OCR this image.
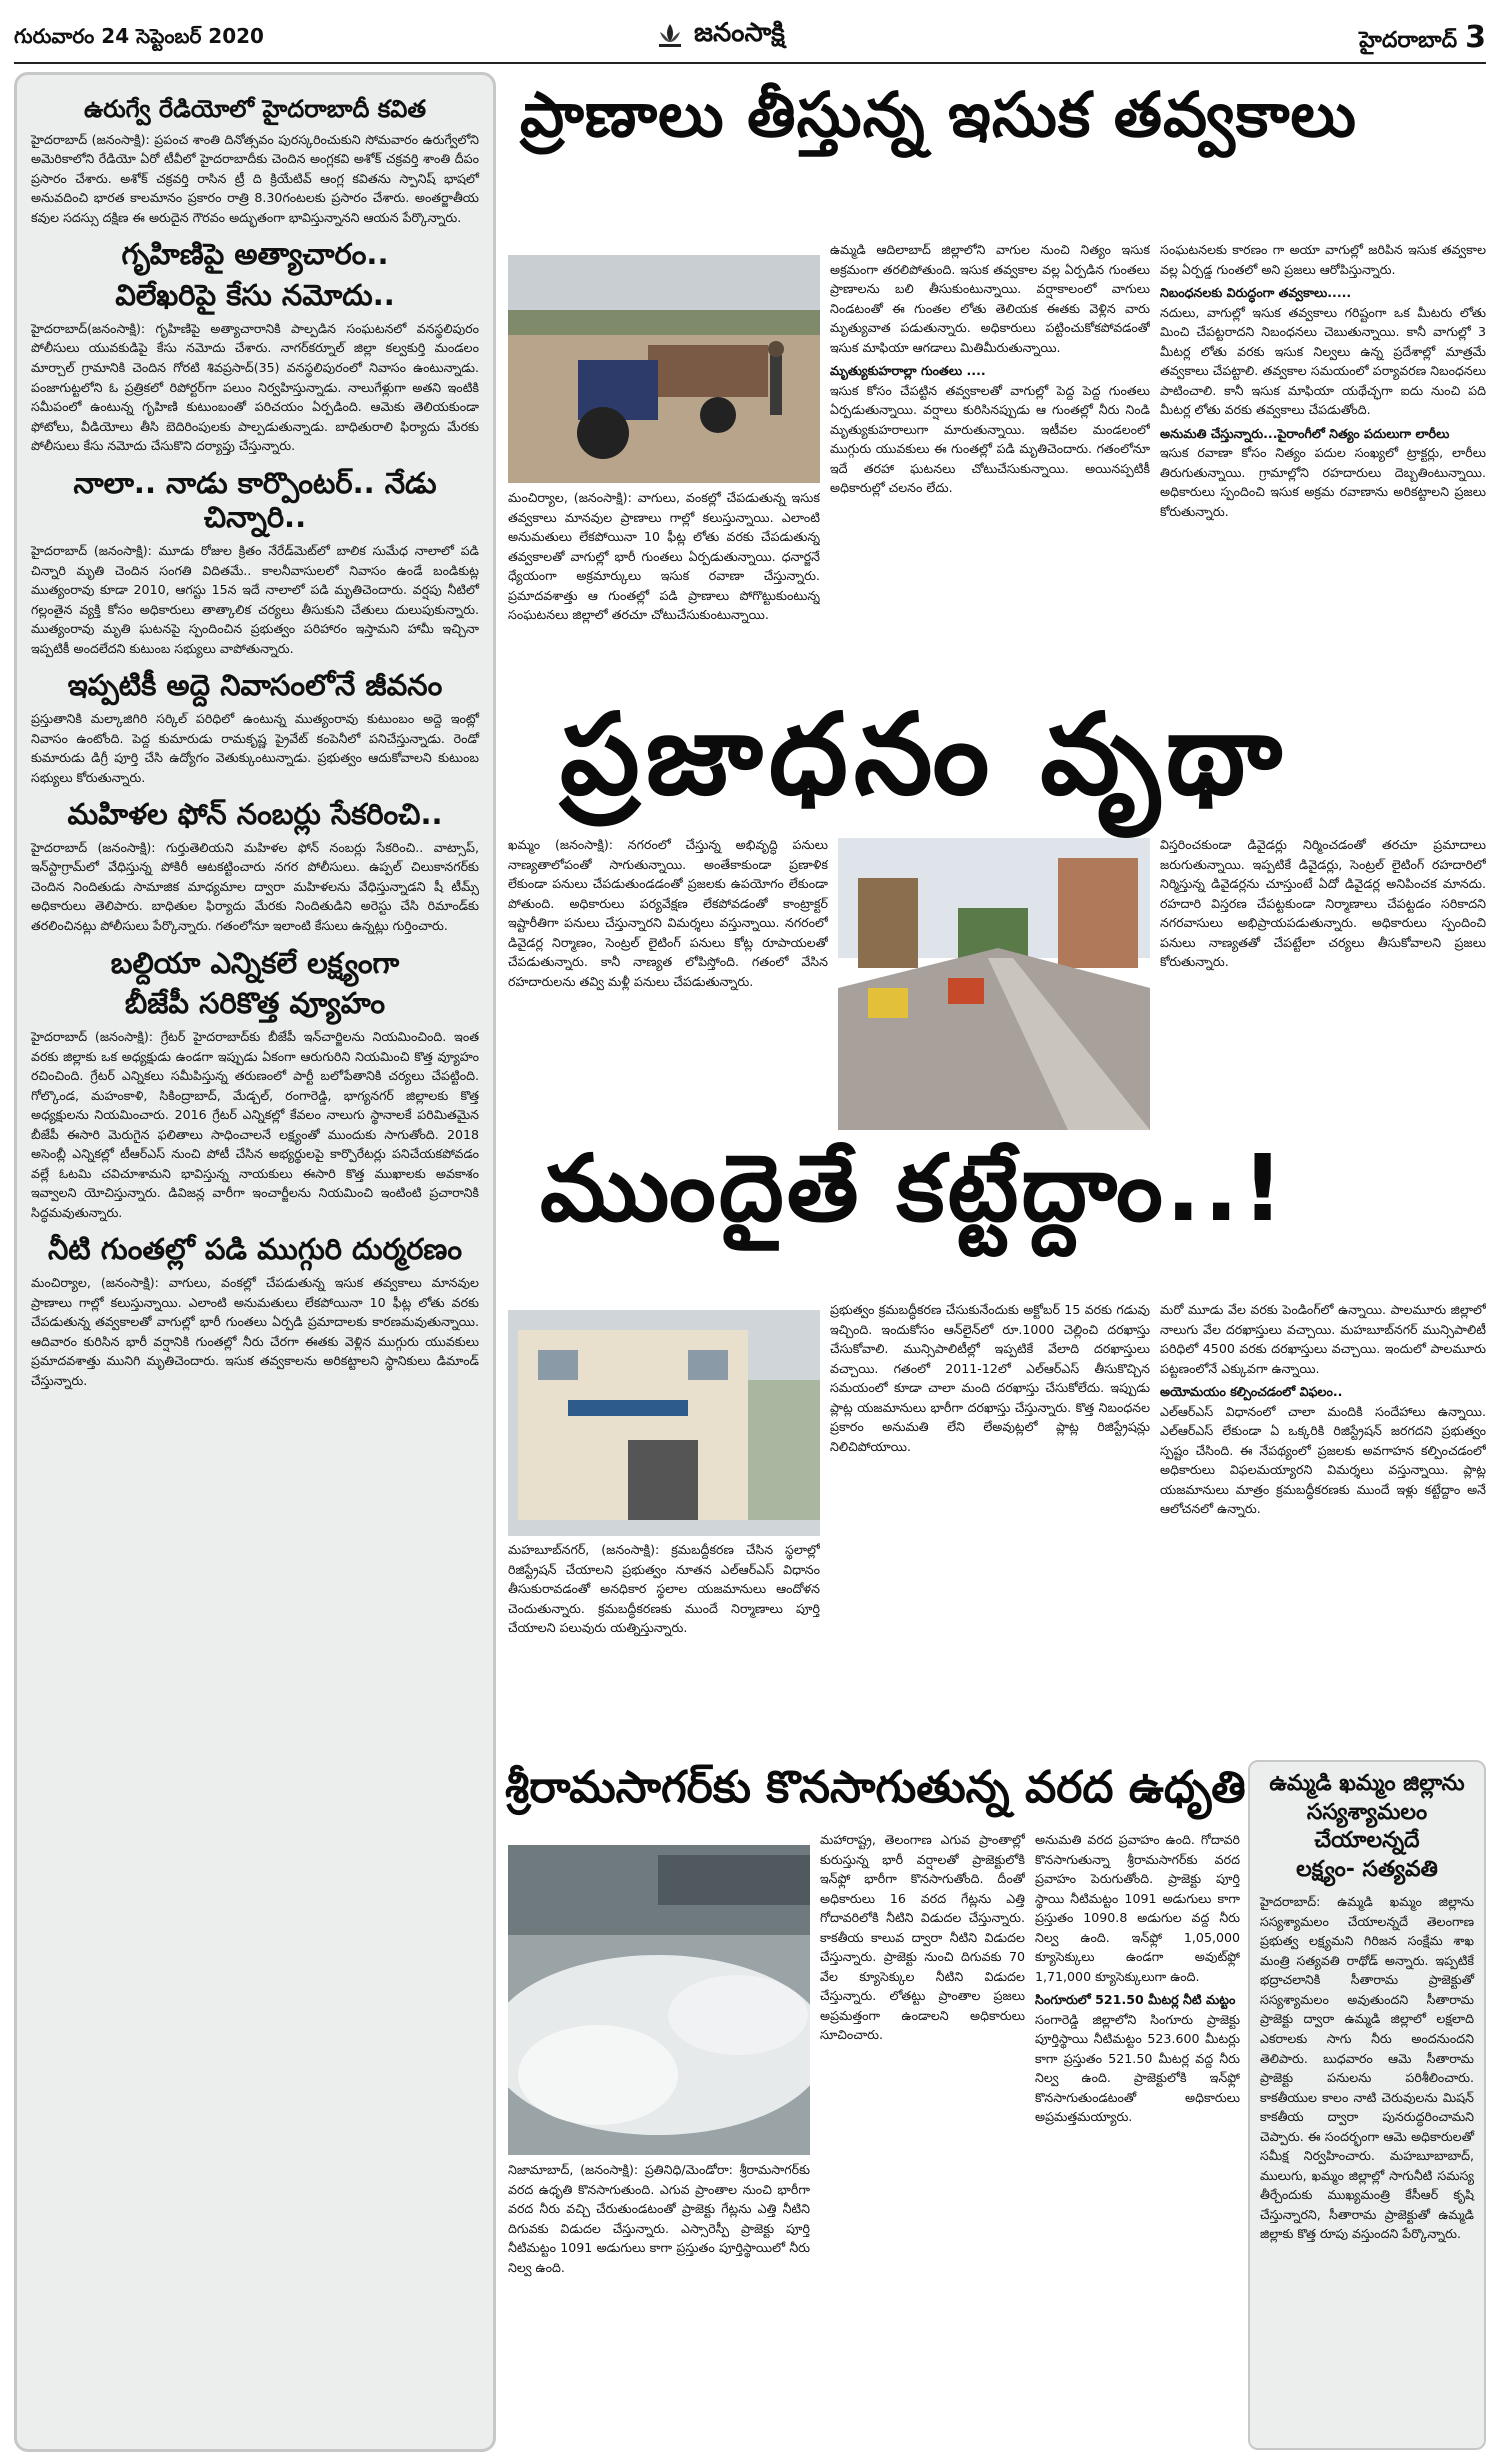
గురువారం 24 సెప్టెంబర్ 2020	జనంసాక్షి	హైదరాబాద్ 3
ఉరుగ్వే రేడియోలో హైదరాబాదీ కవిత
హైదరాబాద్ (జనంసాక్షి): ప్రపంచ శాంతి దినోత్సవం పురస్కరించుకుని సోమవారం ఉరుగ్వేలోని అమెరికాలోని రేడియో ఏరో టీవీలో హైదరాబాదీకు చెందిన అంగ్లకవి అశోక్ చక్రవర్తి శాంతి దీపం ప్రసారం చేశారు. అశోక్ చక్రవర్తి రాసిన ట్రీ ది క్రియేటివ్ ఆంగ్ల కవితను స్పానిష్ భాషలో అనువదించి భారత కాలమానం ప్రకారం రాత్రి 8.30గంటలకు ప్రసారం చేశారు. అంతర్జాతీయ కవుల సదస్సు దక్షిణ ఈ అరుదైన గౌరవం అద్భుతంగా భావిస్తున్నానని ఆయన పేర్కొన్నారు.
గృహిణిపై అత్యాచారం..
విలేఖరిపై కేసు నమోదు..
హైదరాబాద్(జనంసాక్షి): గృహిణిపై అత్యాచారానికి పాల్పడిన సంఘటనలో వనస్థలిపురం పోలీసులు యువకుడిపై కేసు నమోదు చేశారు. నాగర్‌కర్నూల్ జిల్లా కల్వకుర్తి మండలం మార్చాల్ గ్రామానికి చెందిన గోరటి శివప్రసాద్(35) వనస్థలిపురంలో నివాసం ఉంటున్నాడు. పంజాగుట్టలోని ఓ ప్రత్రికలో రిపోర్టర్‌గా పలుం నిర్వహిస్తున్నాడు. నాలుగేళ్లుగా అతని ఇంటికి సమీపంలో ఉంటున్న గృహిణి కుటుంబంతో పరిచయం ఏర్పడింది. ఆమెకు తెలియకుండా ఫోటోలు, వీడియోలు తీసి బెదిరింపులకు పాల్పడుతున్నాడు. బాధితురాలి ఫిర్యాదు మేరకు పోలీసులు కేసు నమోదు చేసుకొని దర్యాప్తు చేస్తున్నారు.
నాలా.. నాడు కార్పొంటర్.. నేడు చిన్నారి..
హైదరాబాద్ (జనంసాక్షి): మూడు రోజుల క్రితం నేరేడ్‌మెట్‌లో బాలిక సుమేధ నాలాలో పడి చిన్నారి మృతి చెందిన సంగతి విదితమే.. కాలనీవాసులలో నివాసం ఉండే బండికుట్ల ముత్యంరావు కూడా 2010, ఆగస్టు 15న ఇదే నాలాలో పడి మృతిచెందారు. వర్షపు నీటిలో గల్లంతైన వ్యక్తి కోసం అధికారులు తాత్కాలిక చర్యలు తీసుకుని చేతులు దులుపుకున్నారు. ముత్యంరావు మృతి ఘటనపై స్పందించిన ప్రభుత్వం పరిహారం ఇస్తామని హామీ ఇచ్చినా ఇప్పటికీ అందలేదని కుటుంబ సభ్యులు వాపోతున్నారు.
ఇప్పటికీ అద్దె నివాసంలోనే జీవనం
ప్రస్తుతానికి మల్కాజిగిరి సర్కిల్ పరిధిలో ఉంటున్న ముత్యంరావు కుటుంబం అద్దె ఇంట్లో నివాసం ఉంటోంది. పెద్ద కుమారుడు రామకృష్ణ ప్రైవేట్ కంపెనీలో పనిచేస్తున్నాడు. రెండో కుమారుడు డిగ్రీ పూర్తి చేసి ఉద్యోగం వెతుక్కుంటున్నాడు. ప్రభుత్వం ఆదుకోవాలని కుటుంబ సభ్యులు కోరుతున్నారు.
మహిళల ఫోన్ నంబర్లు సేకరించి..
హైదరాబాద్ (జనంసాక్షి): గుర్తుతెలియని మహిళల ఫోన్ నంబర్లు సేకరించి.. వాట్సాప్, ఇన్‌స్టాగ్రామ్‌లో వేధిస్తున్న పోకిరీ ఆటకట్టించారు నగర పోలీసులు. ఉప్పల్ చిలుకానగర్‌కు చెందిన నిందితుడు సామాజిక మాధ్యమాల ద్వారా మహిళలను వేధిస్తున్నాడని షీ టీమ్స్ అధికారులు తెలిపారు. బాధితుల ఫిర్యాదు మేరకు నిందితుడిని అరెస్టు చేసి రిమాండ్‌కు తరలించినట్లు పోలీసులు పేర్కొన్నారు. గతంలోనూ ఇలాంటి కేసులు ఉన్నట్లు గుర్తించారు.
బల్దియా ఎన్నికలే లక్ష్యంగా
బీజేపీ సరికొత్త వ్యూహం
హైదరాబాద్ (జనంసాక్షి): గ్రేటర్ హైదరాబాద్‌కు బీజేపీ ఇన్‌చార్జిలను నియమించింది. ఇంత వరకు జిల్లాకు ఒక అధ్యక్షుడు ఉండగా ఇప్పుడు ఏకంగా ఆరుగురిని నియమించి కొత్త వ్యూహం రచించింది. గ్రేటర్ ఎన్నికలు సమీపిస్తున్న తరుణంలో పార్టీ బలోపేతానికి చర్యలు చేపట్టింది. గోల్కొండ, మహంకాళి, సికింద్రాబాద్, మేడ్చల్, రంగారెడ్డి, భాగ్యనగర్ జిల్లాలకు కొత్త అధ్యక్షులను నియమించారు. 2016 గ్రేటర్ ఎన్నికల్లో కేవలం నాలుగు స్థానాలకే పరిమితమైన బీజేపీ ఈసారి మెరుగైన ఫలితాలు సాధించాలనే లక్ష్యంతో ముందుకు సాగుతోంది. 2018 అసెంబ్లీ ఎన్నికల్లో టీఆర్ఎస్ నుంచి పోటీ చేసిన అభ్యర్థులపై కార్పొరేటర్లు పనిచేయకపోవడం వల్లే ఓటమి చవిచూశామని భావిస్తున్న నాయకులు ఈసారి కొత్త ముఖాలకు అవకాశం ఇవ్వాలని యోచిస్తున్నారు. డివిజన్ల వారీగా ఇంచార్జీలను నియమించి ఇంటింటి ప్రచారానికి సిద్ధమవుతున్నారు.
నీటి గుంతల్లో పడి ముగ్గురి దుర్మరణం
మంచిర్యాల, (జనంసాక్షి): వాగులు, వంకల్లో చేపడుతున్న ఇసుక తవ్వకాలు మానవుల ప్రాణాలు గాల్లో కలుస్తున్నాయి. ఎలాంటి అనుమతులు లేకపోయినా 10 ఫీట్ల లోతు వరకు చేపడుతున్న తవ్వకాలతో వాగుల్లో భారీ గుంతలు ఏర్పడి ప్రమాదాలకు కారణమవుతున్నాయి. ఆదివారం కురిసిన భారీ వర్షానికి గుంతల్లో నీరు చేరగా ఈతకు వెళ్లిన ముగ్గురు యువకులు ప్రమాదవశాత్తు మునిగి మృతిచెందారు. ఇసుక తవ్వకాలను అరికట్టాలని స్థానికులు డిమాండ్ చేస్తున్నారు.
ప్రాణాలు తీస్తున్న ఇసుక తవ్వకాలు
మంచిర్యాల, (జనంసాక్షి): వాగులు, వంకల్లో చేపడుతున్న ఇసుక తవ్వకాలు మానవుల ప్రాణాలు గాల్లో కలుస్తున్నాయి. ఎలాంటి అనుమతులు లేకపోయినా 10 ఫీట్ల లోతు వరకు చేపడుతున్న తవ్వకాలతో వాగుల్లో భారీ గుంతలు ఏర్పడుతున్నాయి. ధనార్జనే ధ్యేయంగా అక్రమార్కులు ఇసుక రవాణా చేస్తున్నారు. ప్రమాదవశాత్తు ఆ గుంతల్లో పడి ప్రాణాలు పోగొట్టుకుంటున్న సంఘటనలు జిల్లాలో తరచూ చోటుచేసుకుంటున్నాయి.
ఉమ్మడి ఆదిలాబాద్ జిల్లాలోని వాగుల నుంచి నిత్యం ఇసుక అక్రమంగా తరలిపోతుంది. ఇసుక తవ్వకాల వల్ల ఏర్పడిన గుంతలు ప్రాణాలను బలి తీసుకుంటున్నాయి. వర్షాకాలంలో వాగులు నిండటంతో ఈ గుంతల లోతు తెలియక ఈతకు వెళ్లిన వారు మృత్యువాత పడుతున్నారు. అధికారులు పట్టించుకోకపోవడంతో ఇసుక మాఫియా ఆగడాలు మితిమీరుతున్నాయి.
మృత్యుకుహరాల్లా గుంతలు ....
ఇసుక కోసం చేపట్టిన తవ్వకాలతో వాగుల్లో పెద్ద పెద్ద గుంతలు ఏర్పడుతున్నాయి. వర్షాలు కురిసినప్పుడు ఆ గుంతల్లో నీరు నిండి మృత్యుకుహరాలుగా మారుతున్నాయి. ఇటీవల మండలంలో ముగ్గురు యువకులు ఈ గుంతల్లో పడి మృతిచెందారు. గతంలోనూ ఇదే తరహా ఘటనలు చోటుచేసుకున్నాయి. అయినప్పటికీ అధికారుల్లో చలనం లేదు.
సంఘటనలకు కారణం గా అయా వాగుల్లో జరిపిన ఇసుక తవ్వకాల వల్ల ఏర్పడ్డ గుంతలో అని ప్రజలు ఆరోపిస్తున్నారు.
నిబంధనలకు విరుద్ధంగా తవ్వకాలు.....
నదులు, వాగుల్లో ఇసుక తవ్వకాలు గరిష్టంగా ఒక మీటరు లోతు మించి చేపట్టరాదని నిబంధనలు చెబుతున్నాయి. కానీ వాగుల్లో 3 మీటర్ల లోతు వరకు ఇసుక నిల్వలు ఉన్న ప్రదేశాల్లో మాత్రమే తవ్వకాలు చేపట్టాలి. తవ్వకాల సమయంలో పర్యావరణ నిబంధనలు పాటించాలి. కానీ ఇసుక మాఫియా యథేచ్ఛగా ఐదు నుంచి పది మీటర్ల లోతు వరకు తవ్వకాలు చేపడుతోంది.
అనుమతి చేస్తున్నారు...పైరాంగీలో నిత్యం పదులుగా లారీలు
ఇసుక రవాణా కోసం నిత్యం పదుల సంఖ్యలో ట్రాక్టర్లు, లారీలు తిరుగుతున్నాయి. గ్రామాల్లోని రహదారులు దెబ్బతింటున్నాయి. అధికారులు స్పందించి ఇసుక అక్రమ రవాణాను అరికట్టాలని ప్రజలు కోరుతున్నారు.
ప్రజాధనం వృథా
ఖమ్మం (జనంసాక్షి): నగరంలో చేస్తున్న అభివృద్ధి పనులు నాణ్యతాలోపంతో సాగుతున్నాయి. అంతేకాకుండా ప్రణాళిక లేకుండా పనులు చేపడుతుండడంతో ప్రజలకు ఉపయోగం లేకుండా పోతుంది. అధికారులు పర్యవేక్షణ లేకపోవడంతో కాంట్రాక్టర్ ఇష్టారీతిగా పనులు చేస్తున్నారని విమర్శలు వస్తున్నాయి. నగరంలో డివైడర్ల నిర్మాణం, సెంట్రల్ లైటింగ్ పనులు కోట్ల రూపాయలతో చేపడుతున్నారు. కానీ నాణ్యత లోపిస్తోంది. గతంలో వేసిన రహదారులను తవ్వి మళ్లీ పనులు చేపడుతున్నారు.
విస్తరించకుండా డివైడర్లు నిర్మించడంతో తరచూ ప్రమాదాలు జరుగుతున్నాయి. ఇప్పటికే డివైడర్లు, సెంట్రల్ లైటింగ్ రహదారిలో నిర్మిస్తున్న డివైడర్లను చూస్తుంటే ఏదో డివైడర్ల అనిపించక మానదు. రహదారి విస్తరణ చేపట్టకుండా నిర్మాణాలు చేపట్టడం సరికాదని నగరవాసులు అభిప్రాయపడుతున్నారు. అధికారులు స్పందించి పనులు నాణ్యతతో చేపట్టేలా చర్యలు తీసుకోవాలని ప్రజలు కోరుతున్నారు.
ముందైతే కట్టేద్దాం..!
మహబూబ్‌నగర్, (జనంసాక్షి): క్రమబద్దీకరణ చేసిన స్థలాల్లో రిజిస్ట్రేషన్ చేయాలని ప్రభుత్వం నూతన ఎల్ఆర్ఎస్ విధానం తీసుకురావడంతో అనధికార స్థలాల యజమానులు ఆందోళన చెందుతున్నారు. క్రమబద్ధీకరణకు ముందే నిర్మాణాలు పూర్తి చేయాలని పలువురు యత్నిస్తున్నారు.
ప్రభుత్వం క్రమబద్ధీకరణ చేసుకునేందుకు అక్టోబర్ 15 వరకు గడువు ఇచ్చింది. ఇందుకోసం ఆన్‌లైన్‌లో రూ.1000 చెల్లించి దరఖాస్తు చేసుకోవాలి. మున్సిపాలిటీల్లో ఇప్పటికే వేలాది దరఖాస్తులు వచ్చాయి. గతంలో 2011-12లో ఎల్ఆర్ఎస్ తీసుకొచ్చిన సమయంలో కూడా చాలా మంది దరఖాస్తు చేసుకోలేదు. ఇప్పుడు ప్లాట్ల యజమానులు భారీగా దరఖాస్తు చేస్తున్నారు. కొత్త నిబంధనల ప్రకారం అనుమతి లేని లేఅవుట్లలో ప్లాట్ల రిజిస్ట్రేషన్లు నిలిచిపోయాయి.
మరో మూడు వేల వరకు పెండింగ్‌లో ఉన్నాయి. పాలమూరు జిల్లాలో నాలుగు వేల దరఖాస్తులు వచ్చాయి. మహబూబ్‌నగర్ మున్సిపాలిటీ పరిధిలో 4500 వరకు దరఖాస్తులు వచ్చాయి. ఇందులో పాలమూరు పట్టణంలోనే ఎక్కువగా ఉన్నాయి.
అయోమయం కల్పించడంలో విఫలం..
ఎల్ఆర్ఎస్ విధానంలో చాలా మందికి సందేహాలు ఉన్నాయి. ఎల్ఆర్ఎస్ లేకుండా ఏ ఒక్కరికి రిజిస్ట్రేషన్ జరగదని ప్రభుత్వం స్పష్టం చేసింది. ఈ నేపథ్యంలో ప్రజలకు అవగాహన కల్పించడంలో అధికారులు విఫలమయ్యారని విమర్శలు వస్తున్నాయి. ప్లాట్ల యజమానులు మాత్రం క్రమబద్ధీకరణకు ముందే ఇళ్లు కట్టేద్దాం అనే ఆలోచనలో ఉన్నారు.
శ్రీరామసాగర్‌కు కొనసాగుతున్న వరద ఉధృతి
నిజామాబాద్, (జనంసాక్షి): ప్రతినిధి/మెండోరా: శ్రీరామసాగర్‌కు వరద ఉధృతి కొనసాగుతుంది. ఎగువ ప్రాంతాల నుంచి భారీగా వరద నీరు వచ్చి చేరుతుండటంతో ప్రాజెక్టు గేట్లను ఎత్తి నీటిని దిగువకు విడుదల చేస్తున్నారు. ఎస్సారెస్పీ ప్రాజెక్టు పూర్తి నీటిమట్టం 1091 అడుగులు కాగా ప్రస్తుతం పూర్తిస్థాయిలో నీరు నిల్వ ఉంది.
మహారాష్ట్ర, తెలంగాణ ఎగువ ప్రాంతాల్లో కురుస్తున్న భారీ వర్షాలతో ప్రాజెక్టులోకి ఇన్‌ఫ్లో భారీగా కొనసాగుతోంది. దీంతో అధికారులు 16 వరద గేట్లను ఎత్తి గోదావరిలోకి నీటిని విడుదల చేస్తున్నారు. కాకతీయ కాలువ ద్వారా నీటిని విడుదల చేస్తున్నారు. ప్రాజెక్టు నుంచి దిగువకు 70 వేల క్యూసెక్కుల నీటిని విడుదల చేస్తున్నారు. లోతట్టు ప్రాంతాల ప్రజలు అప్రమత్తంగా ఉండాలని అధికారులు సూచించారు.
అనుమతి వరద ప్రవాహం ఉంది. గోదావరి కొనసాగుతున్నా శ్రీరామసాగర్‌కు వరద ప్రవాహం పెరుగుతోంది. ప్రాజెక్టు పూర్తి స్థాయి నీటిమట్టం 1091 అడుగులు కాగా ప్రస్తుతం 1090.8 అడుగుల వద్ద నీరు నిల్వ ఉంది. ఇన్‌ఫ్లో 1,05,000 క్యూసెక్కులు ఉండగా అవుట్‌ఫ్లో 1,71,000 క్యూసెక్కులుగా ఉంది.
సింగూరులో 521.50 మీటర్ల నీటి మట్టం
సంగారెడ్డి జిల్లాలోని సింగూరు ప్రాజెక్టు పూర్తిస్థాయి నీటిమట్టం 523.600 మీటర్లు కాగా ప్రస్తుతం 521.50 మీటర్ల వద్ద నీరు నిల్వ ఉంది. ప్రాజెక్టులోకి ఇన్‌ఫ్లో కొనసాగుతుండటంతో అధికారులు అప్రమత్తమయ్యారు.
ఉమ్మడి ఖమ్మం జిల్లాను
సస్యశ్యామలం చేయాలన్నదే
లక్ష్యం- సత్యవతి
హైదరాబాద్: ఉమ్మడి ఖమ్మం జిల్లాను సస్యశ్యామలం చేయాలన్నదే తెలంగాణ ప్రభుత్వ లక్ష్యమని గిరిజన సంక్షేమ శాఖ మంత్రి సత్యవతి రాథోడ్ అన్నారు. ఇప్పటికే భద్రాచలానికి సీతారామ ప్రాజెక్టుతో సస్యశ్యామలం అవుతుందని సీతారామ ప్రాజెక్టు ద్వారా ఉమ్మడి జిల్లాలో లక్షలాది ఎకరాలకు సాగు నీరు అందనుందని తెలిపారు. బుధవారం ఆమె సీతారామ ప్రాజెక్టు పనులను పరిశీలించారు. కాకతీయుల కాలం నాటి చెరువులను మిషన్ కాకతీయ ద్వారా పునరుద్ధరించామని చెప్పారు. ఈ సందర్భంగా ఆమె అధికారులతో సమీక్ష నిర్వహించారు. మహబూబాబాద్, ములుగు, ఖమ్మం జిల్లాల్లో సాగునీటి సమస్య తీర్చేందుకు ముఖ్యమంత్రి కేసీఆర్ కృషి చేస్తున్నారని, సీతారామ ప్రాజెక్టుతో ఉమ్మడి జిల్లాకు కొత్త రూపు వస్తుందని పేర్కొన్నారు.
